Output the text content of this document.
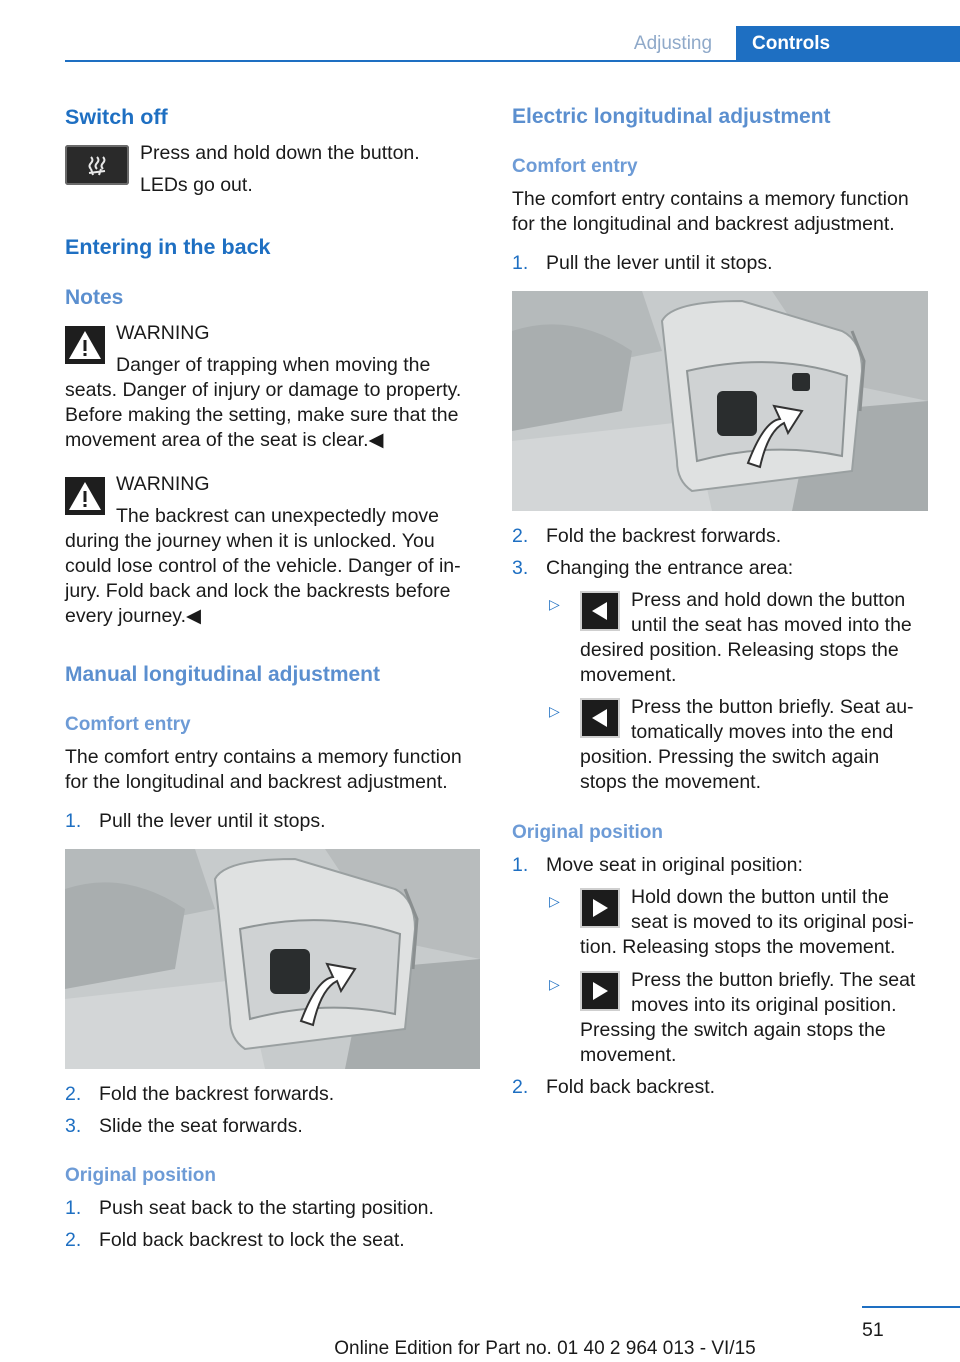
Adjusting	Controls
Switch off
Press and hold down the button.
LEDs go out.
Entering in the back
Notes
WARNING
Danger of trapping when moving the
seats. Danger of injury or damage to property.
Before making the setting, make sure that the
movement area of the seat is clear.◀
WARNING
The backrest can unexpectedly move
during the journey when it is unlocked. You
could lose control of the vehicle. Danger of in-
jury. Fold back and lock the backrests before
every journey.◀
Manual longitudinal adjustment
Comfort entry
The comfort entry contains a memory function
for the longitudinal and backrest adjustment.
1. Pull the lever until it stops.
2. Fold the backrest forwards.
3. Slide the seat forwards.
Original position
1. Push seat back to the starting position.
2. Fold back backrest to lock the seat.
Electric longitudinal adjustment
Comfort entry
The comfort entry contains a memory function
for the longitudinal and backrest adjustment.
1. Pull the lever until it stops.
2. Fold the backrest forwards.
3. Changing the entrance area:
▷	Press and hold down the button
until the seat has moved into the
desired position. Releasing stops the
movement.
▷	Press the button briefly. Seat au-
tomatically moves into the end
position. Pressing the switch again
stops the movement.
Original position
1. Move seat in original position:
▷	Hold down the button until the
seat is moved to its original posi-
tion. Releasing stops the movement.
▷	Press the button briefly. The seat
moves into its original position.
Pressing the switch again stops the
movement.
2. Fold back backrest.
51
Online Edition for Part no. 01 40 2 964 013 - VI/15
